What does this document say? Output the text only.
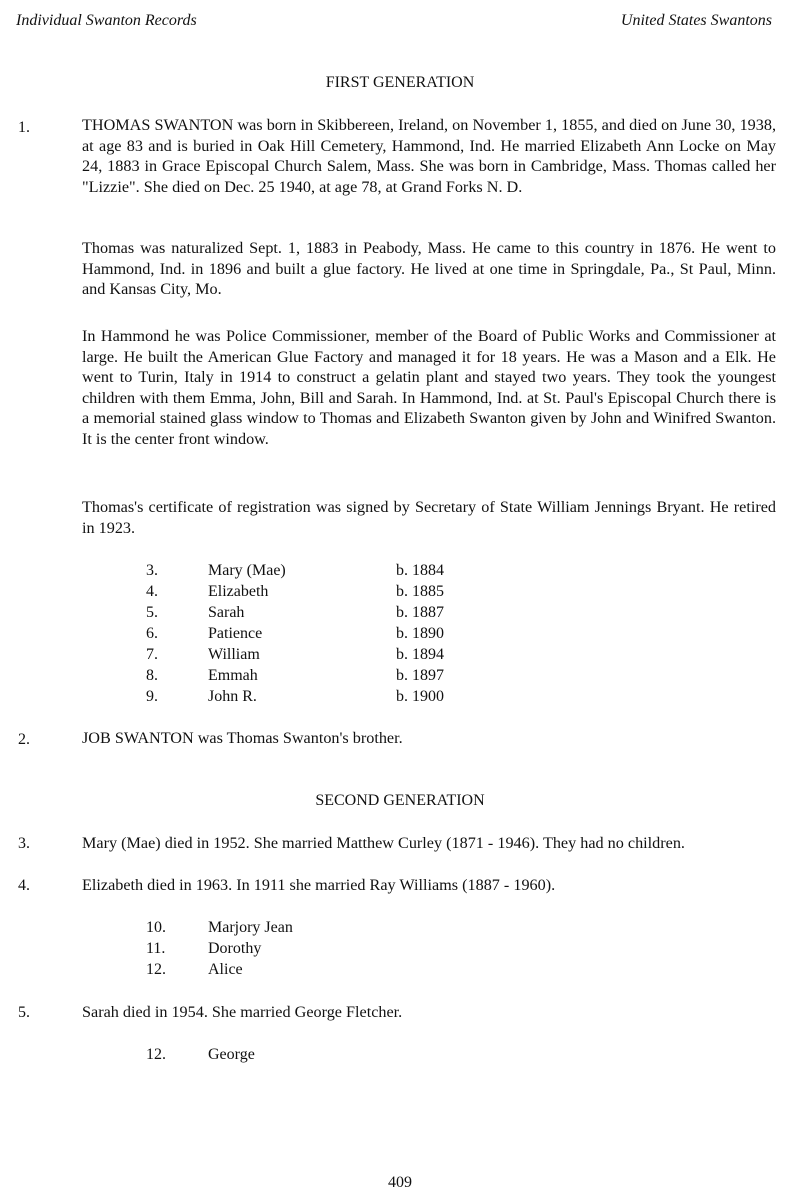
Individual Swanton Records	United States Swantons
FIRST GENERATION
1.	THOMAS SWANTON was born in Skibbereen, Ireland, on November 1, 1855, and died on June 30, 1938, at age 83 and is buried in Oak Hill Cemetery, Hammond, Ind. He married Elizabeth Ann Locke on May 24, 1883 in Grace Episcopal Church Salem, Mass. She was born in Cambridge, Mass. Thomas called her "Lizzie". She died on Dec. 25 1940, at age 78, at Grand Forks N. D.

Thomas was naturalized Sept. 1, 1883 in Peabody, Mass. He came to this country in 1876. He went to Hammond, Ind. in 1896 and built a glue factory. He lived at one time in Springdale, Pa., St Paul, Minn. and Kansas City, Mo.

In Hammond he was Police Commissioner, member of the Board of Public Works and Commissioner at large. He built the American Glue Factory and managed it for 18 years. He was a Mason and a Elk. He went to Turin, Italy in 1914 to construct a gelatin plant and stayed two years. They took the youngest children with them Emma, John, Bill and Sarah. In Hammond, Ind. at St. Paul's Episcopal Church there is a memorial stained glass window to Thomas and Elizabeth Swanton given by John and Winifred Swanton. It is the center front window.

Thomas's certificate of registration was signed by Secretary of State William Jennings Bryant. He retired in 1923.

3.	Mary (Mae)	b. 1884
4.	Elizabeth	b. 1885
5.	Sarah	b. 1887
6.	Patience	b. 1890
7.	William	b. 1894
8.	Emmah	b. 1897
9.	John R.	b. 1900
2.	JOB SWANTON was Thomas Swanton's brother.
SECOND GENERATION
3.	Mary (Mae) died in 1952. She married Matthew Curley (1871 - 1946). They had no children.
4.	Elizabeth died in 1963. In 1911 she married Ray Williams (1887 - 1960).
10.	Marjory Jean
11.	Dorothy
12.	Alice
5.	Sarah died in 1954. She married George Fletcher.
12.	George
409
